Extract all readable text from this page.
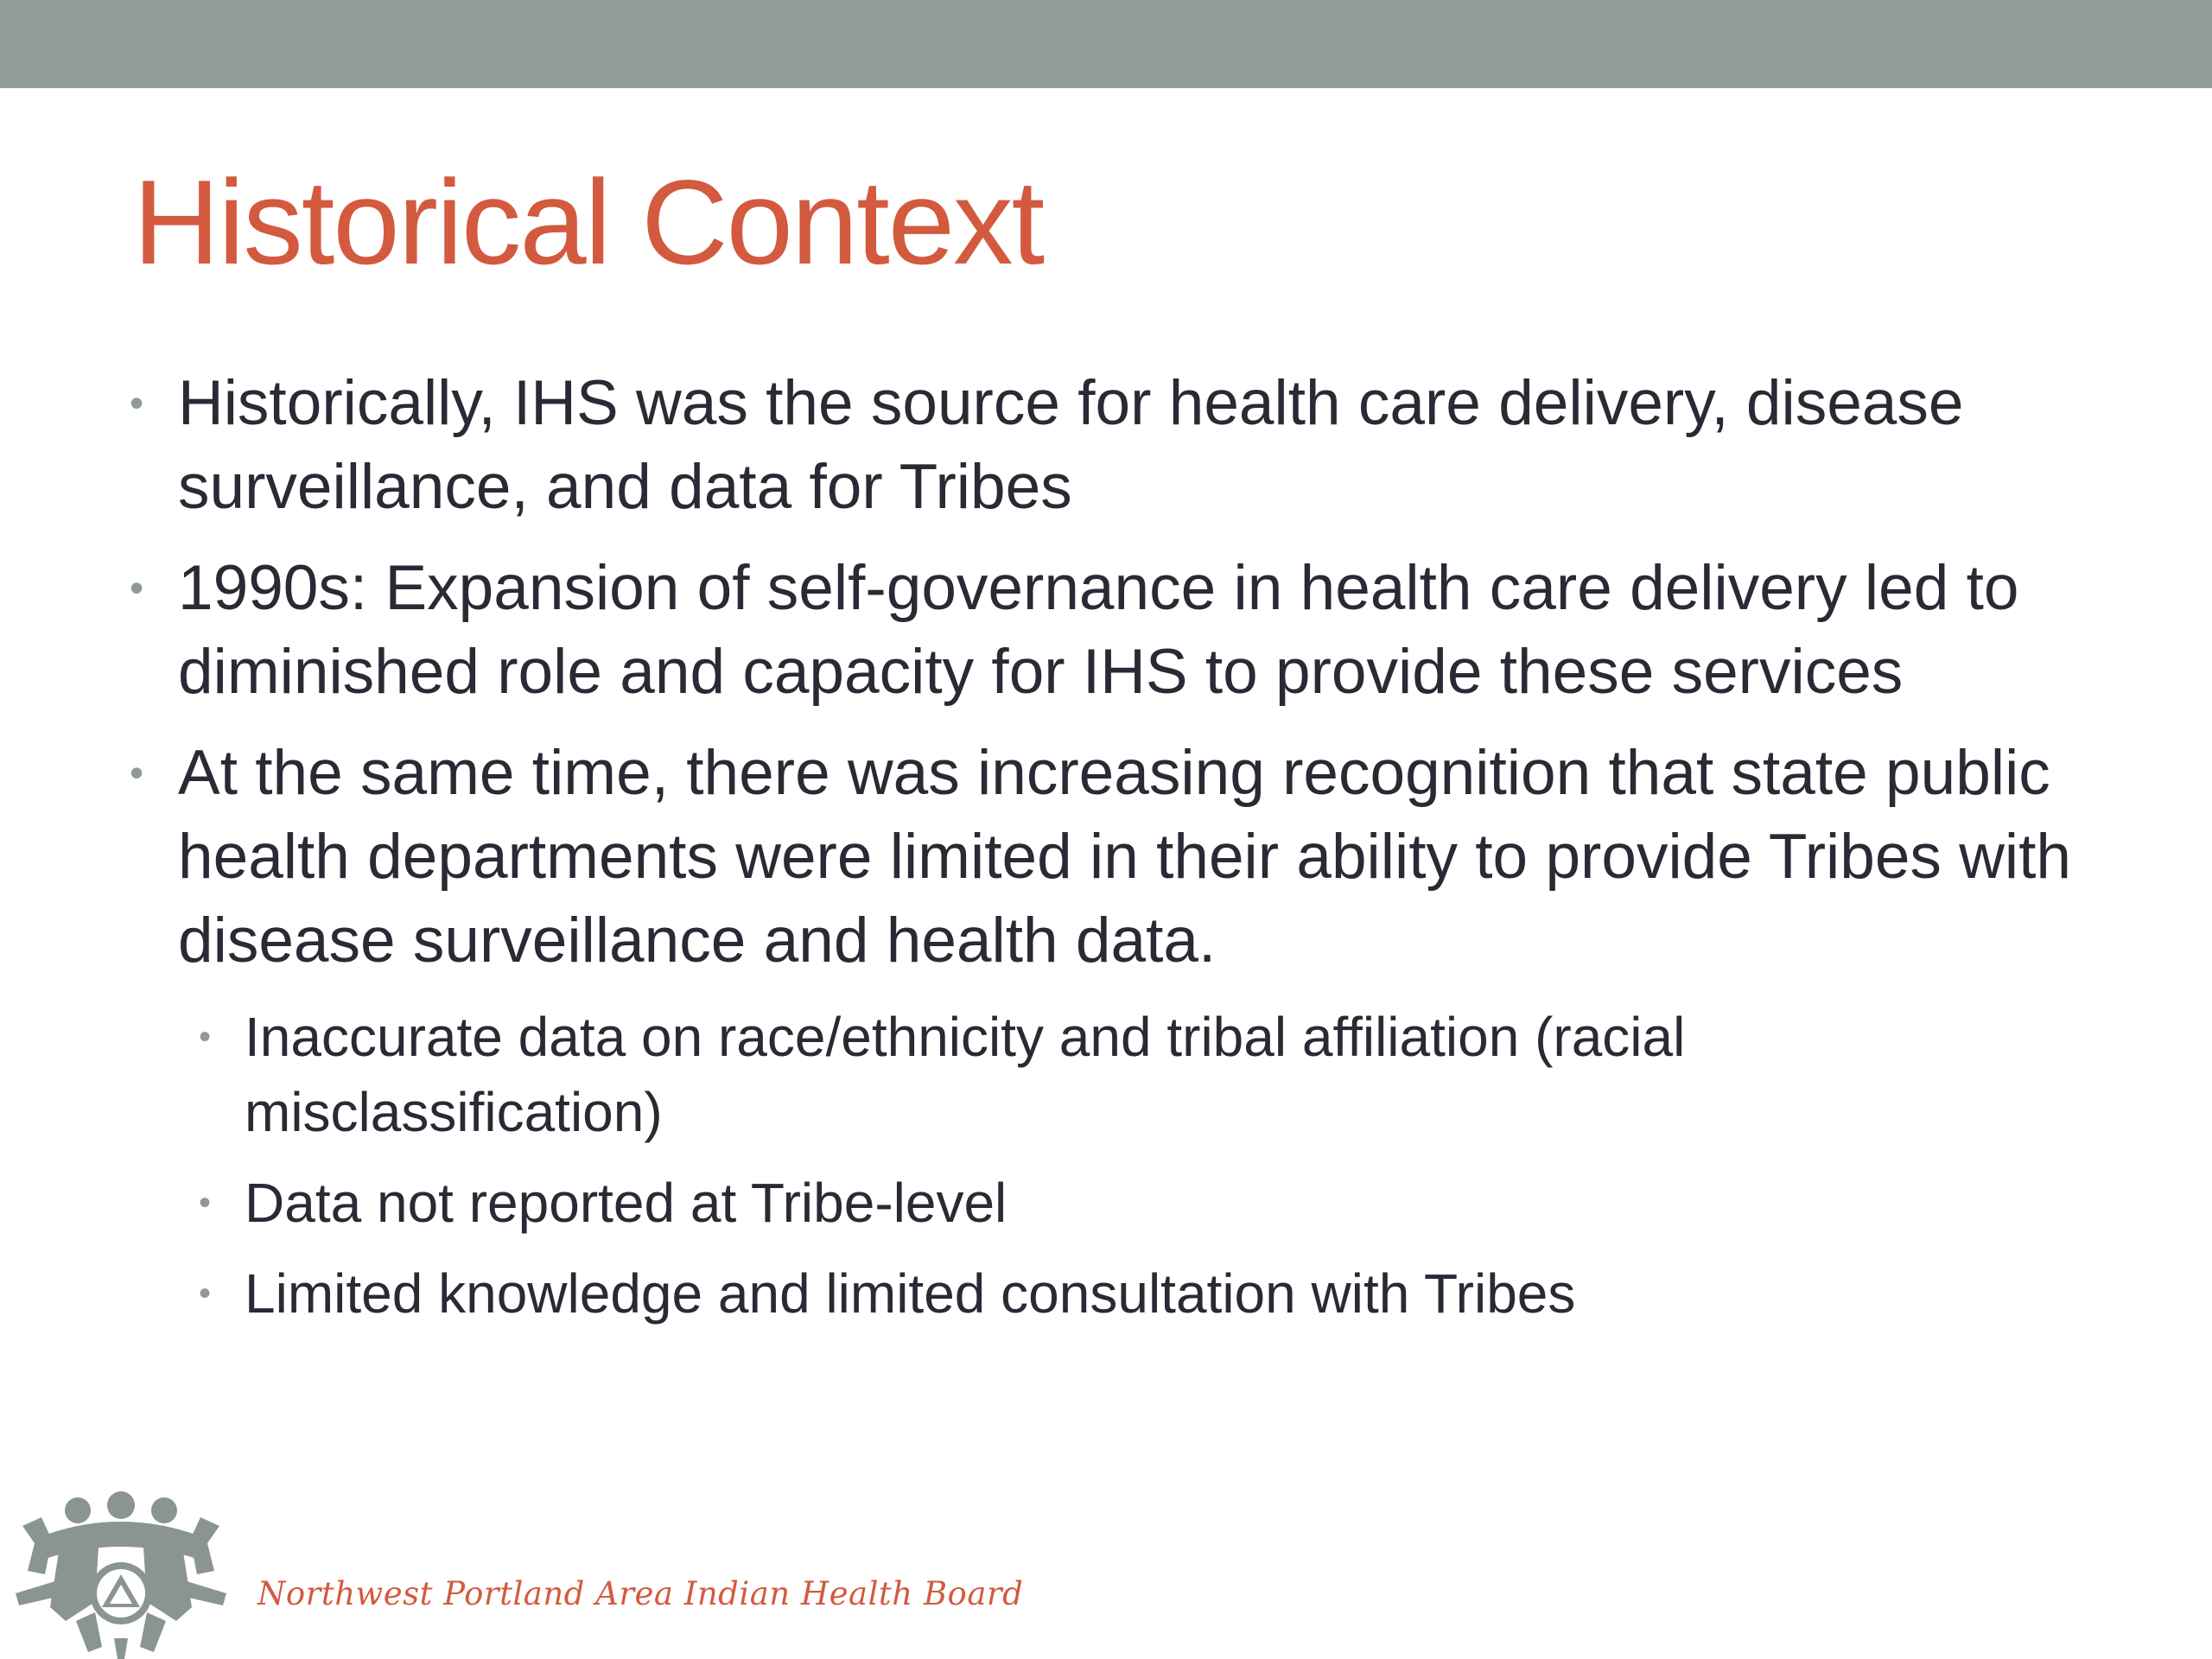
Historical Context
• Historically, IHS was the source for health care delivery, disease surveillance, and data for Tribes
• 1990s: Expansion of self-governance in health care delivery led to diminished role and capacity for IHS to provide these services
• At the same time, there was increasing recognition that state public health departments were limited in their ability to provide Tribes with disease surveillance and health data.
• Inaccurate data on race/ethnicity and tribal affiliation (racial misclassification)
• Data not reported at Tribe-level
• Limited knowledge and limited consultation with Tribes
Northwest Portland Area Indian Health Board
